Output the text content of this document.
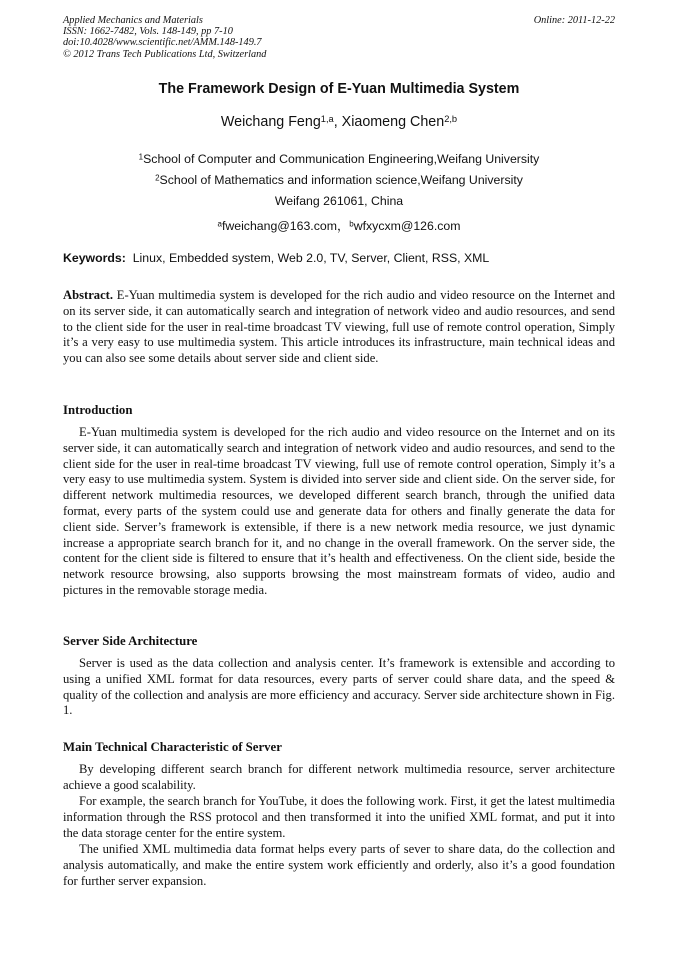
Applied Mechanics and Materials
ISSN: 1662-7482, Vols. 148-149, pp 7-10
doi:10.4028/www.scientific.net/AMM.148-149.7
© 2012 Trans Tech Publications Ltd, Switzerland
Online: 2011-12-22
The Framework Design of E-Yuan Multimedia System
Weichang Feng$^{1,a}$, Xiaomeng Chen$^{2,b}$
$^1$School of Computer and Communication Engineering,Weifang University
$^2$School of Mathematics and information science,Weifang University
Weifang 261061, China
$^a$fweichang@163.com，$^b$wfxycxm@126.com
Keywords: Linux, Embedded system, Web 2.0, TV, Server, Client, RSS, XML
Abstract. E-Yuan multimedia system is developed for the rich audio and video resource on the Internet and on its server side, it can automatically search and integration of network video and audio resources, and send to the client side for the user in real-time broadcast TV viewing, full use of remote control operation, Simply it’s a very easy to use multimedia system. This article introduces its infrastructure, main technical ideas and you can also see some details about server side and client side.
Introduction
E-Yuan multimedia system is developed for the rich audio and video resource on the Internet and on its server side, it can automatically search and integration of network video and audio resources, and send to the client side for the user in real-time broadcast TV viewing, full use of remote control operation, Simply it’s a very easy to use multimedia system. System is divided into server side and client side. On the server side, for different network multimedia resources, we developed different search branch, through the unified data format, every parts of the system could use and generate data for others and finally generate the data for client side. Server’s framework is extensible, if there is a new network media resource, we just dynamic increase a appropriate search branch for it, and no change in the overall framework. On the server side, the content for the client side is filtered to ensure that it’s health and effectiveness. On the client side, beside the network resource browsing, also supports browsing the most mainstream formats of video, audio and pictures in the removable storage media.
Server Side Architecture
Server is used as the data collection and analysis center. It’s framework is extensible and according to using a unified XML format for data resources, every parts of server could share data, and the speed & quality of the collection and analysis are more efficiency and accuracy. Server side architecture shown in Fig. 1.
Main Technical Characteristic of Server
By developing different search branch for different network multimedia resource, server architecture achieve a good scalability.
For example, the search branch for YouTube, it does the following work. First, it get the latest multimedia information through the RSS protocol and then transformed it into the unified XML format, and put it into the data storage center for the entire system.
The unified XML multimedia data format helps every parts of sever to share data, do the collection and analysis automatically, and make the entire system work efficiently and orderly, also it’s a good foundation for further server expansion.
